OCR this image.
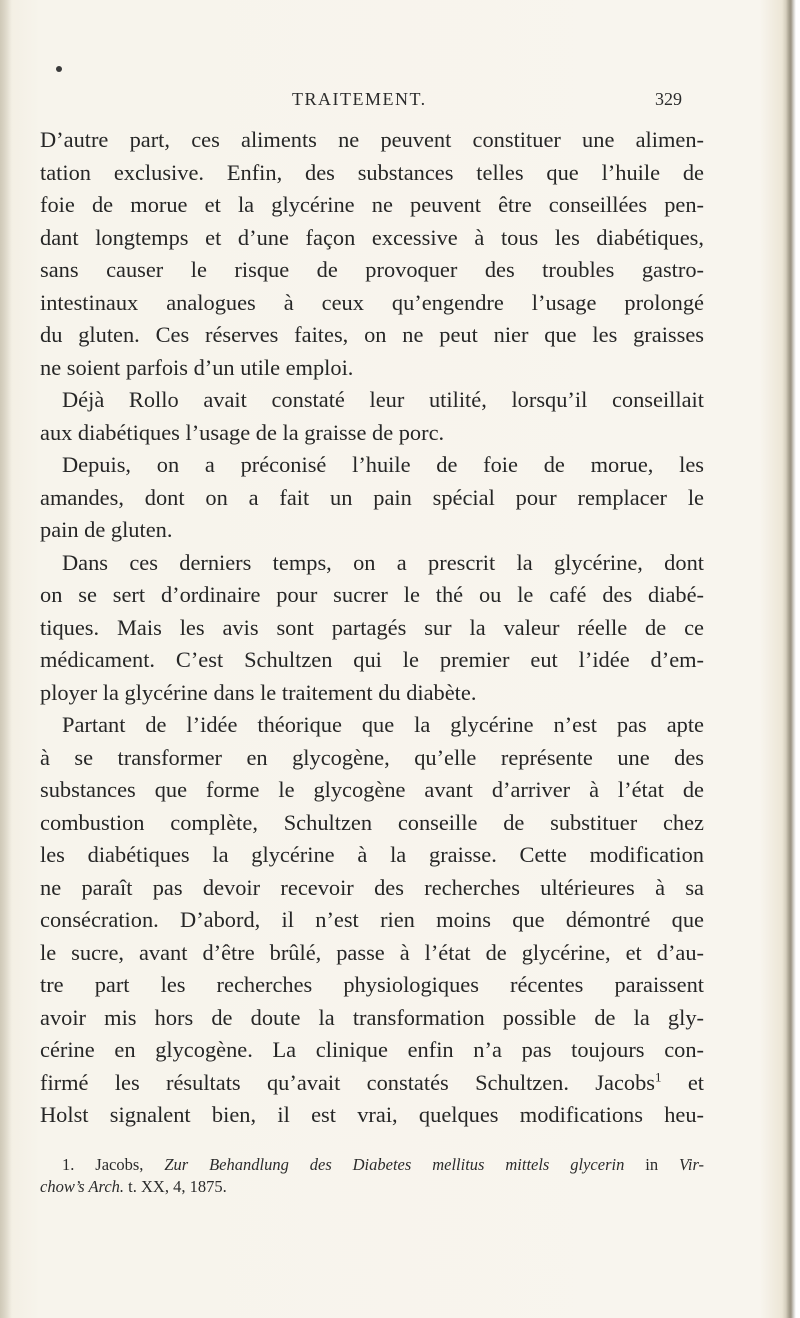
TRAITEMENT.	329
D’autre part, ces aliments ne peuvent constituer une alimen-
tation exclusive. Enfin, des substances telles que l’huile de
foie de morue et la glycérine ne peuvent être conseillées pen-
dant longtemps et d’une façon excessive à tous les diabétiques,
sans causer le risque de provoquer des troubles gastro-
intestinaux analogues à ceux qu’engendre l’usage prolongé
du gluten. Ces réserves faites, on ne peut nier que les graisses
ne soient parfois d’un utile emploi.
Déjà Rollo avait constaté leur utilité, lorsqu’il conseillait
aux diabétiques l’usage de la graisse de porc.
Depuis, on a préconisé l’huile de foie de morue, les
amandes, dont on a fait un pain spécial pour remplacer le
pain de gluten.
Dans ces derniers temps, on a prescrit la glycérine, dont
on se sert d’ordinaire pour sucrer le thé ou le café des diabé-
tiques. Mais les avis sont partagés sur la valeur réelle de ce
médicament. C’est Schultzen qui le premier eut l’idée d’em-
ployer la glycérine dans le traitement du diabète.
Partant de l’idée théorique que la glycérine n’est pas apte
à se transformer en glycogène, qu’elle représente une des
substances que forme le glycogène avant d’arriver à l’état de
combustion complète, Schultzen conseille de substituer chez
les diabétiques la glycérine à la graisse. Cette modification
ne paraît pas devoir recevoir des recherches ultérieures à sa
consécration. D’abord, il n’est rien moins que démontré que
le sucre, avant d’être brûlé, passe à l’état de glycérine, et d’au-
tre part les recherches physiologiques récentes paraissent
avoir mis hors de doute la transformation possible de la gly-
cérine en glycogène. La clinique enfin n’a pas toujours con-
firmé les résultats qu’avait constatés Schultzen. Jacobs$^1$ et
Holst signalent bien, il est vrai, quelques modifications heu-
1. Jacobs, Zur Behandlung des Diabetes mellitus mittels glycerin in Vir-
chow’s Arch. t. XX, 4, 1875.
